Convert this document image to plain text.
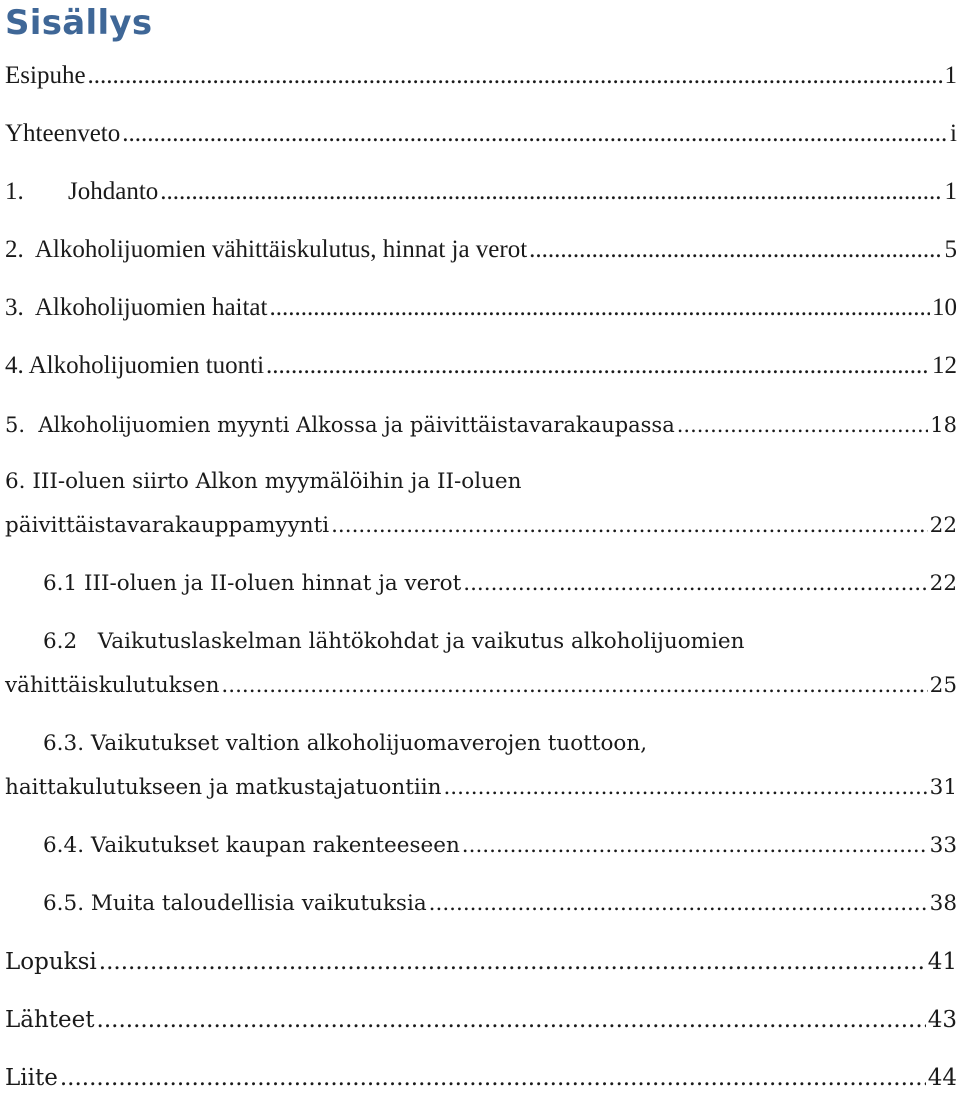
Sisällys
Esipuhe .....	1
Yhteenveto .....	i
1.	Johdanto .....	1
2.  Alkoholijuomien vähittäiskulutus, hinnat ja verot .....	5
3.  Alkoholijuomien haitat .....	10
4. Alkoholijuomien tuonti .....	12
5.  Alkoholijuomien myynti Alkossa ja päivittäistavarakaupassa .....	18
6. III-oluen siirto Alkon myymälöihin ja II-oluen
päivittäistavarakauppamyynti .....	22
6.1 III-oluen ja II-oluen hinnat ja verot .....	22
6.2   Vaikutuslaskelman lähtökohdat ja vaikutus alkoholijuomien
vähittäiskulutuksen .....	25
6.3. Vaikutukset valtion alkoholijuomaverojen tuottoon,
haittakulutukseen ja matkustajatuontiin .....	31
6.4. Vaikutukset kaupan rakenteeseen .....	33
6.5. Muita taloudellisia vaikutuksia .....	38
Lopuksi .....	41
Lähteet .....	43
Liite .....	44
